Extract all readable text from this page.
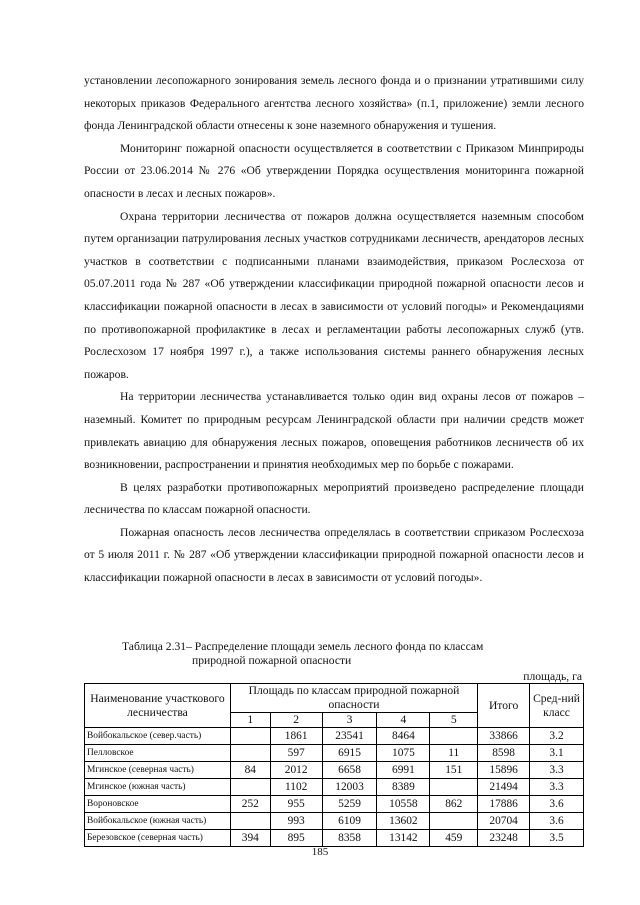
установлении лесопожарного зонирования земель лесного фонда и о признании утратившими силу некоторых приказов Федерального агентства лесного хозяйства» (п.1, приложение) земли лесного фонда Ленинградской области отнесены к зоне наземного обнаружения и тушения.

Мониторинг пожарной опасности осуществляется в соответствии с Приказом Минприроды России от 23.06.2014 № 276 «Об утверждении Порядка осуществления мониторинга пожарной опасности в лесах и лесных пожаров».

Охрана территории лесничества от пожаров должна осуществляется наземным способом путем организации патрулирования лесных участков сотрудниками лесничеств, арендаторов лесных участков в соответствии с подписанными планами взаимодействия, приказом Рослесхоза от 05.07.2011 года № 287 «Об утверждении классификации природной пожарной опасности лесов и классификации пожарной опасности в лесах в зависимости от условий погоды» и Рекомендациями по противопожарной профилактике в лесах и регламентации работы лесопожарных служб (утв. Рослесхозом 17 ноября 1997 г.), а также использования системы раннего обнаружения лесных пожаров.

На территории лесничества устанавливается только один вид охраны лесов от пожаров – наземный. Комитет по природным ресурсам Ленинградской области при наличии средств может привлекать авиацию для обнаружения лесных пожаров, оповещения работников лесничеств об их возникновении, распространении и принятия необходимых мер по борьбе с пожарами.

В целях разработки противопожарных мероприятий произведено распределение площади лесничества по классам пожарной опасности.

Пожарная опасность лесов лесничества определялась в соответствии сприказом Рослесхоза от 5 июля 2011 г. № 287 «Об утверждении классификации природной пожарной опасности лесов и классификации пожарной опасности в лесах в зависимости от условий погоды».

Таблица 2.31– Распределение площади земель лесного фонда по классам
природной пожарной опасности
площадь, га
Наименование участкового лесничества	Площадь по классам природной пожарной опасности					Итого	Сред-ний класс
	1	2	3	4	5		
Войбокальское (север.часть)		1861	23541	8464		33866	3.2
Пелловское		597	6915	1075	11	8598	3.1
Мгинское (северная часть)	84	2012	6658	6991	151	15896	3.3
Мгинское (южная часть)		1102	12003	8389		21494	3.3
Вороновское	252	955	5259	10558	862	17886	3.6
Войбокальское (южная часть)		993	6109	13602		20704	3.6
Березовское (северная часть)	394	895	8358	13142	459	23248	3.5
185
